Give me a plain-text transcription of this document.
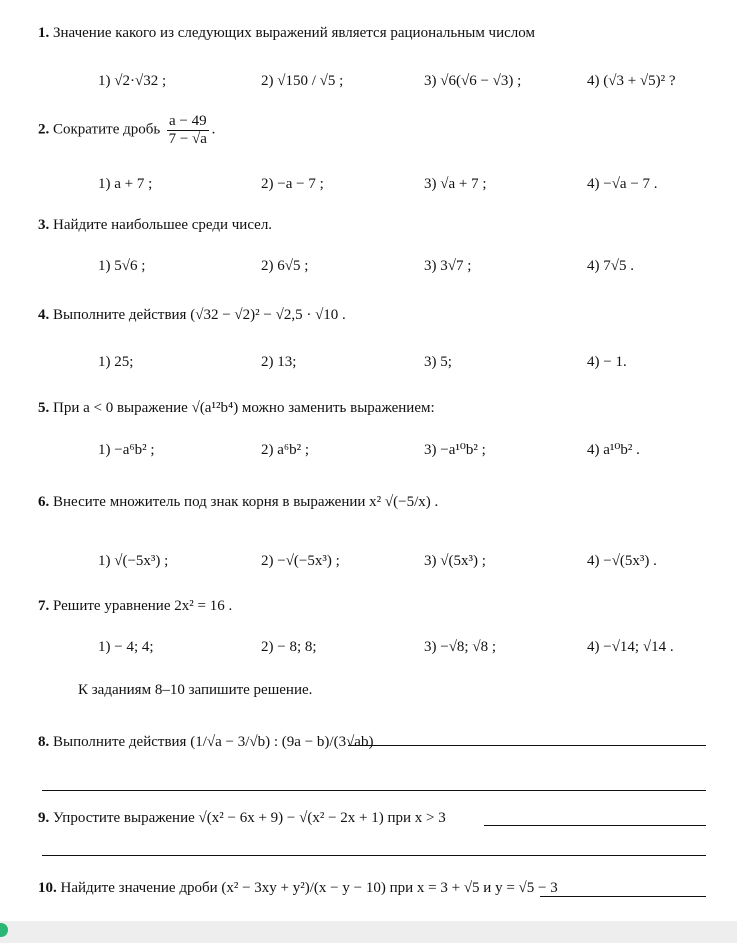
1. Значение какого из следующих выражений является рациональным числом
1) √2·√32 ;	2) √150 / √5 ;	3) √6(√6 − √3) ;	4) (√3 + √5)² ?
2. Сократите дробь $\frac{a - 49}{7 - √a}$ .
1) a + 7 ;	2) −a − 7 ;	3) √a + 7 ;	4) −√a − 7 .
3. Найдите наибольшее среди чисел.
1) 5√6 ;	2) 6√5 ;	3) 3√7 ;	4) 7√5 .
4. Выполните действия (√32 − √2)² − √2,5 · √10 .
1) 25;	2) 13;	3) 5;	4) − 1.
5. При a < 0 выражение √(a¹²b⁴) можно заменить выражением:
1) −a⁶b² ;	2) a⁶b² ;	3) −a¹⁰b² ;	4) a¹⁰b² .
6. Внесите множитель под знак корня в выражении x² √(−5/x) .
1) √(−5x³) ;	2) −√(−5x³) ;	3) √(5x³) ;	4) −√(5x³) .
7. Решите уравнение 2x² = 16 .
1) − 4; 4;	2) − 8; 8;	3) −√8; √8 ;	4) −√14; √14 .
К заданиям 8–10 запишите решение.
8. Выполните действия (1/√a − 3/√b) : (9a − b)/(3√ab)
9. Упростите выражение √(x² − 6x + 9) − √(x² − 2x + 1) при x > 3
10. Найдите значение дроби (x² − 3xy + y²)/(x − y − 10) при x = 3 + √5 и y = √5 − 3
